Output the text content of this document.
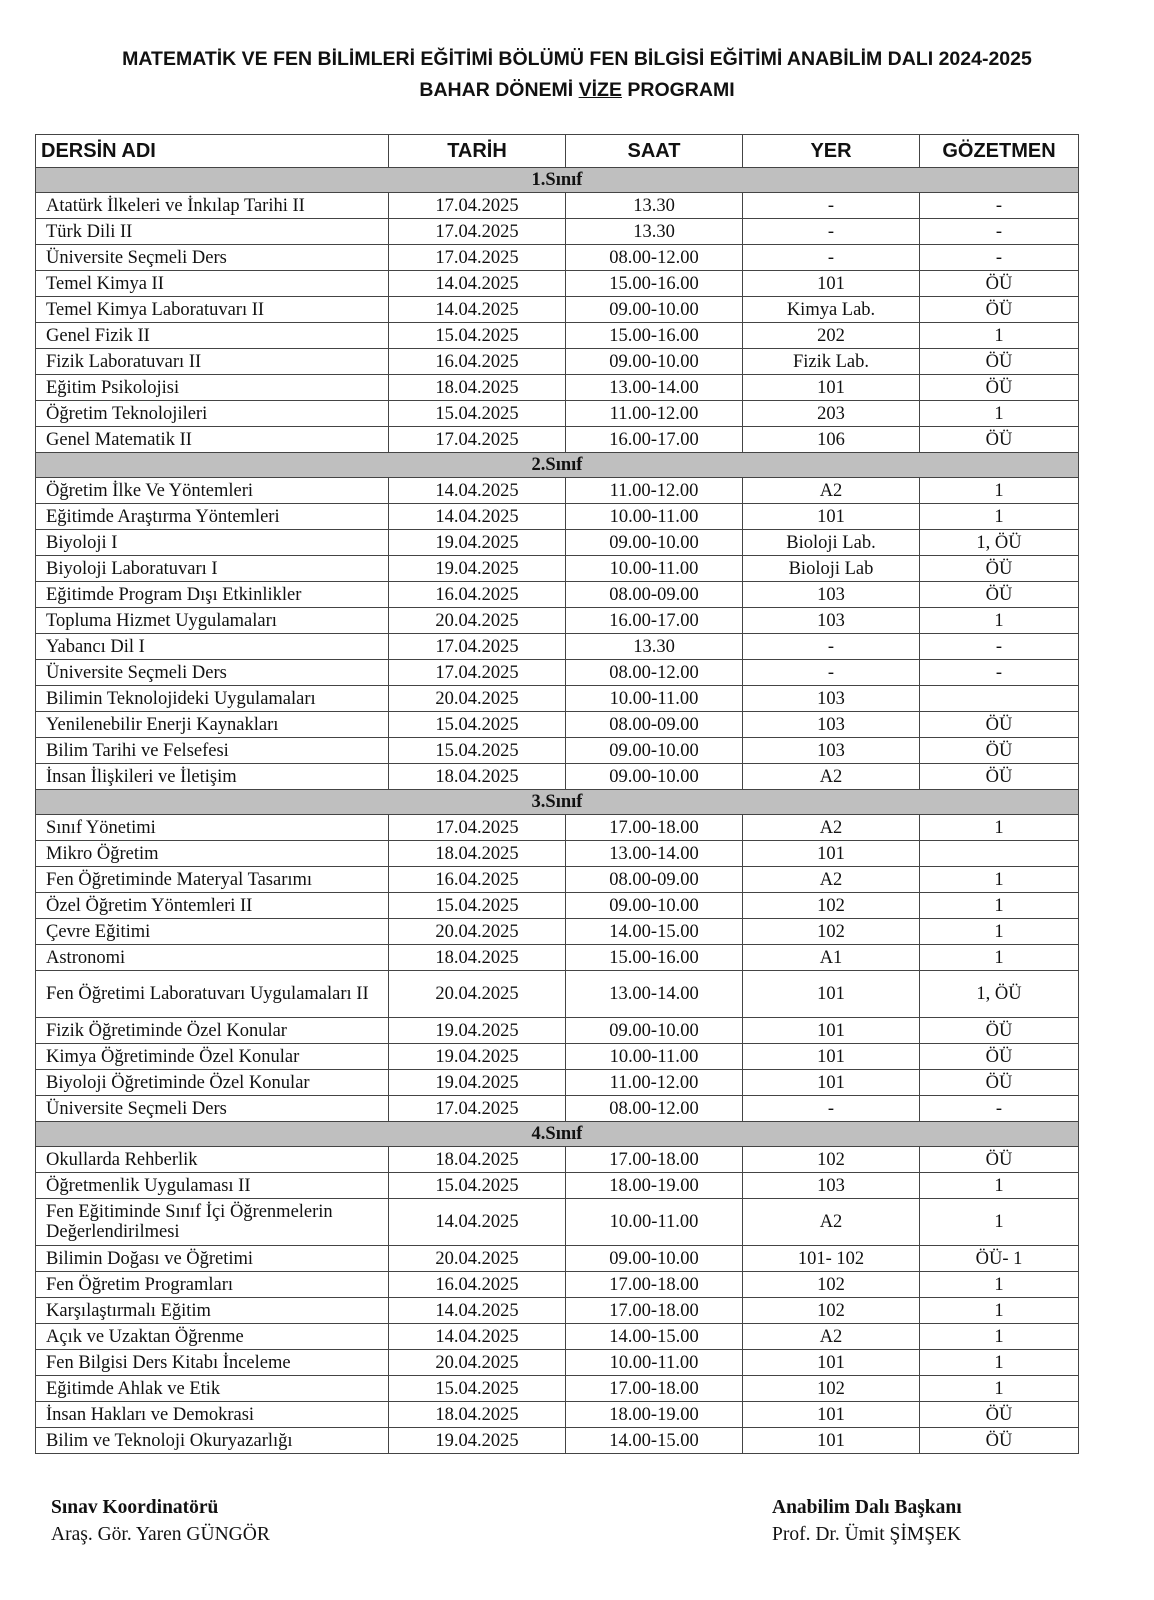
MATEMATİK VE FEN BİLİMLERİ EĞİTİMİ BÖLÜMÜ FEN BİLGİSİ EĞİTİMİ ANABİLİM DALI 2024-2025
BAHAR DÖNEMİ VİZE PROGRAMI
DERSİN ADI	TARİH	SAAT	YER	GÖZETMEN
1.Sınıf				
Atatürk İlkeleri ve İnkılap Tarihi II	17.04.2025	13.30	-	-
Türk Dili II	17.04.2025	13.30	-	-
Üniversite Seçmeli Ders	17.04.2025	08.00-12.00	-	-
Temel Kimya II	14.04.2025	15.00-16.00	101	ÖÜ
Temel Kimya Laboratuvarı II	14.04.2025	09.00-10.00	Kimya Lab.	ÖÜ
Genel Fizik II	15.04.2025	15.00-16.00	202	1
Fizik Laboratuvarı II	16.04.2025	09.00-10.00	Fizik Lab.	ÖÜ
Eğitim Psikolojisi	18.04.2025	13.00-14.00	101	ÖÜ
Öğretim Teknolojileri	15.04.2025	11.00-12.00	203	1
Genel Matematik II	17.04.2025	16.00-17.00	106	ÖÜ
2.Sınıf				
Öğretim İlke Ve Yöntemleri	14.04.2025	11.00-12.00	A2	1
Eğitimde Araştırma Yöntemleri	14.04.2025	10.00-11.00	101	1
Biyoloji I	19.04.2025	09.00-10.00	Bioloji Lab.	1, ÖÜ
Biyoloji Laboratuvarı I	19.04.2025	10.00-11.00	Bioloji Lab	ÖÜ
Eğitimde Program Dışı Etkinlikler	16.04.2025	08.00-09.00	103	ÖÜ
Topluma Hizmet Uygulamaları	20.04.2025	16.00-17.00	103	1
Yabancı Dil I	17.04.2025	13.30	-	-
Üniversite Seçmeli Ders	17.04.2025	08.00-12.00	-	-
Bilimin Teknolojideki Uygulamaları	20.04.2025	10.00-11.00	103	
Yenilenebilir Enerji Kaynakları	15.04.2025	08.00-09.00	103	ÖÜ
Bilim Tarihi ve Felsefesi	15.04.2025	09.00-10.00	103	ÖÜ
İnsan İlişkileri ve İletişim	18.04.2025	09.00-10.00	A2	ÖÜ
3.Sınıf				
Sınıf Yönetimi	17.04.2025	17.00-18.00	A2	1
Mikro Öğretim	18.04.2025	13.00-14.00	101	
Fen Öğretiminde Materyal Tasarımı	16.04.2025	08.00-09.00	A2	1
Özel Öğretim Yöntemleri II	15.04.2025	09.00-10.00	102	1
Çevre Eğitimi	20.04.2025	14.00-15.00	102	1
Astronomi	18.04.2025	15.00-16.00	A1	1
Fen Öğretimi Laboratuvarı Uygulamaları II	20.04.2025	13.00-14.00	101	1, ÖÜ
Fizik Öğretiminde Özel Konular	19.04.2025	09.00-10.00	101	ÖÜ
Kimya Öğretiminde Özel Konular	19.04.2025	10.00-11.00	101	ÖÜ
Biyoloji Öğretiminde Özel Konular	19.04.2025	11.00-12.00	101	ÖÜ
Üniversite Seçmeli Ders	17.04.2025	08.00-12.00	-	-
4.Sınıf				
Okullarda Rehberlik	18.04.2025	17.00-18.00	102	ÖÜ
Öğretmenlik Uygulaması II	15.04.2025	18.00-19.00	103	1
Fen Eğitiminde Sınıf İçi Öğrenmelerin Değerlendirilmesi	14.04.2025	10.00-11.00	A2	1
Bilimin Doğası ve Öğretimi	20.04.2025	09.00-10.00	101- 102	ÖÜ- 1
Fen Öğretim Programları	16.04.2025	17.00-18.00	102	1
Karşılaştırmalı Eğitim	14.04.2025	17.00-18.00	102	1
Açık ve Uzaktan Öğrenme	14.04.2025	14.00-15.00	A2	1
Fen Bilgisi Ders Kitabı İnceleme	20.04.2025	10.00-11.00	101	1
Eğitimde Ahlak ve Etik	15.04.2025	17.00-18.00	102	1
İnsan Hakları ve Demokrasi	18.04.2025	18.00-19.00	101	ÖÜ
Bilim ve Teknoloji Okuryazarlığı	19.04.2025	14.00-15.00	101	ÖÜ
Sınav Koordinatörü
Araş. Gör. Yaren GÜNGÖR
Anabilim Dalı Başkanı
Prof. Dr. Ümit ŞİMŞEK
